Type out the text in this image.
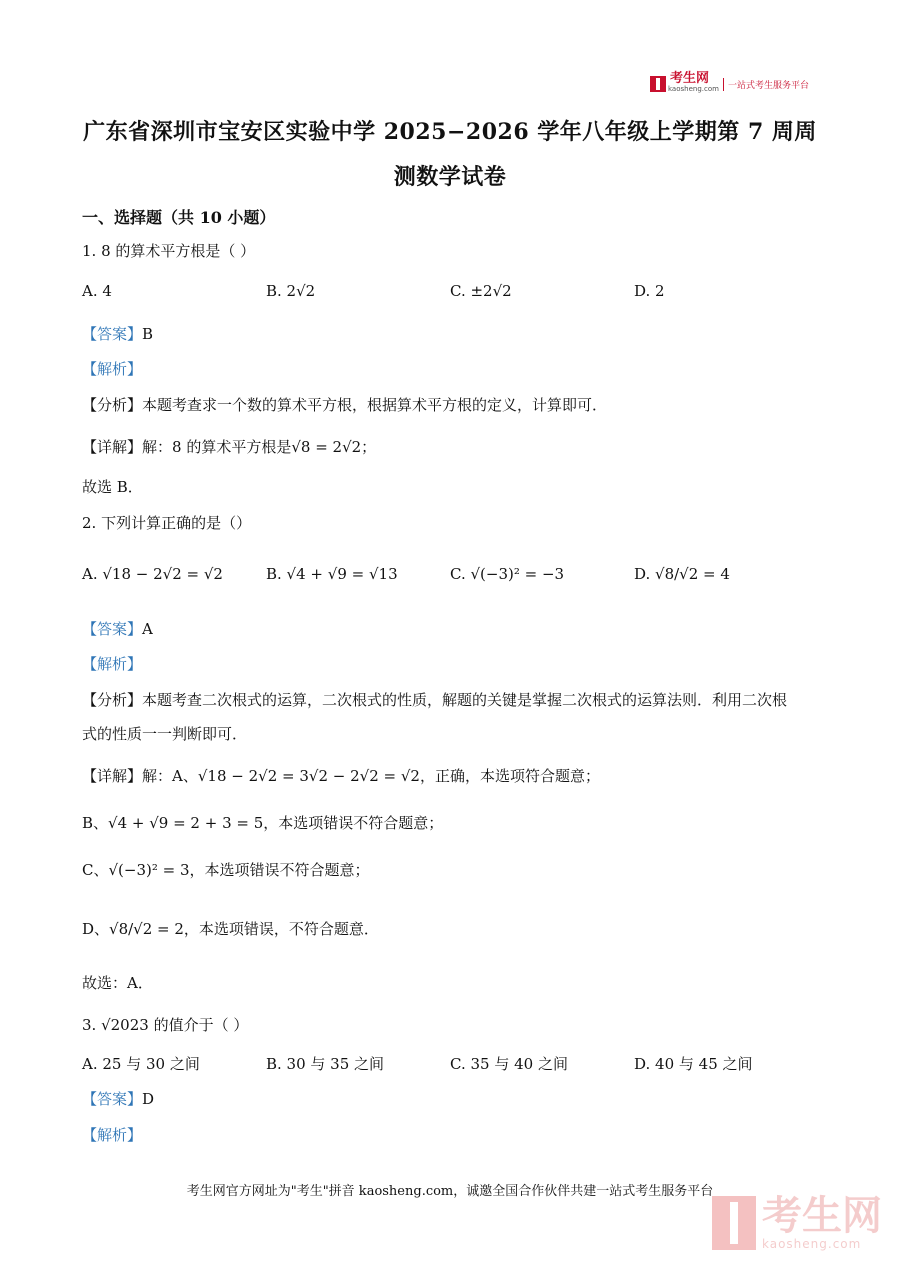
考生网
kaosheng.com	一站式考生服务平台
广东省深圳市宝安区实验中学 2025−2026 学年八年级上学期第 7 周周
测数学试卷
一、选择题（共 10 小题）
1. 8 的算术平方根是（ ）
A. 4	B. 2√2	C. ±2√2	D. 2
【答案】B
【解析】
【分析】本题考查求一个数的算术平方根，根据算术平方根的定义，计算即可．
【详解】解：8 的算术平方根是√8 = 2√2；
故选 B．
2. 下列计算正确的是（）
A. √18 − 2√2 = √2	B. √4 + √9 = √13	C. √(−3)² = −3	D. √8/√2 = 4
【答案】A
【解析】
【分析】本题考查二次根式的运算，二次根式的性质，解题的关键是掌握二次根式的运算法则．利用二次根
式的性质一一判断即可．
【详解】解：A、√18 − 2√2 = 3√2 − 2√2 = √2，正确，本选项符合题意；
B、√4 + √9 = 2 + 3 = 5，本选项错误不符合题意；
C、√(−3)² = 3，本选项错误不符合题意；
D、√8/√2 = 2，本选项错误，不符合题意．
故选：A．
3. √2023 的值介于（ ）
A. 25 与 30 之间	B. 30 与 35 之间	C. 35 与 40 之间	D. 40 与 45 之间
【答案】D
【解析】
考生网官方网址为"考生"拼音 kaosheng.com，诚邀全国合作伙伴共建一站式考生服务平台
考生网
kaosheng.com
